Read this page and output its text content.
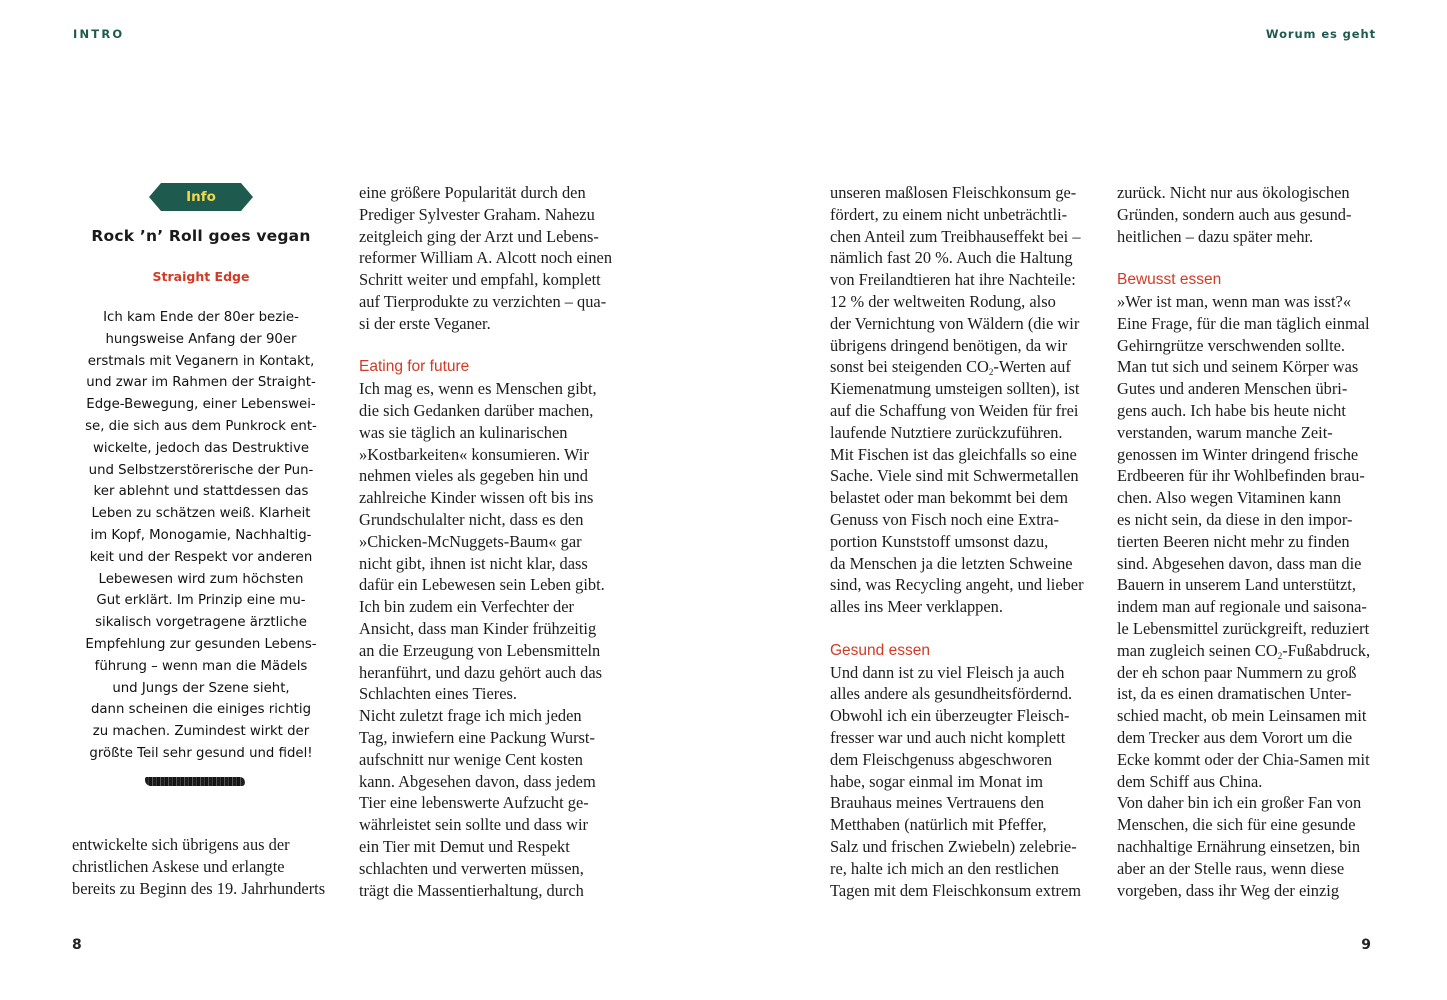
INTRO	Worum es geht
Info
Rock ’n’ Roll goes vegan
Straight Edge
Ich kam Ende der 80er bezie-
hungsweise Anfang der 90er
erstmals mit Veganern in Kontakt,
und zwar im Rahmen der Straight-
Edge-Bewegung, einer Lebenswei-
se, die sich aus dem Punkrock ent-
wickelte, jedoch das Destruktive
und Selbstzerstörerische der Pun-
ker ablehnt und stattdessen das
Leben zu schätzen weiß. Klarheit
im Kopf, Monogamie, Nachhaltig-
keit und der Respekt vor anderen
Lebewesen wird zum höchsten
Gut erklärt. Im Prinzip eine mu-
sikalisch vorgetragene ärztliche
Empfehlung zur gesunden Lebens-
führung – wenn man die Mädels
und Jungs der Szene sieht,
dann scheinen die einiges richtig
zu machen. Zumindest wirkt der
größte Teil sehr gesund und fidel!
entwickelte sich übrigens aus der
christlichen Askese und erlangte
bereits zu Beginn des 19. Jahrhunderts

eine größere Popularität durch den
Prediger Sylvester Graham. Nahezu
zeitgleich ging der Arzt und Lebens-
reformer William A. Alcott noch einen
Schritt weiter und empfahl, komplett
auf Tierprodukte zu verzichten – qua-
si der erste Veganer.

Eating for future

Ich mag es, wenn es Menschen gibt,
die sich Gedanken darüber machen,
was sie täglich an kulinarischen
»Kostbarkeiten« konsumieren. Wir
nehmen vieles als gegeben hin und
zahlreiche Kinder wissen oft bis ins
Grundschulalter nicht, dass es den
»Chicken-McNuggets-Baum« gar
nicht gibt, ihnen ist nicht klar, dass
dafür ein Lebewesen sein Leben gibt.
Ich bin zudem ein Verfechter der
Ansicht, dass man Kinder frühzeitig
an die Erzeugung von Lebensmitteln
heranführt, und dazu gehört auch das
Schlachten eines Tieres.
Nicht zuletzt frage ich mich jeden
Tag, inwiefern eine Packung Wurst-
aufschnitt nur wenige Cent kosten
kann. Abgesehen davon, dass jedem
Tier eine lebenswerte Aufzucht ge-
währleistet sein sollte und dass wir
ein Tier mit Demut und Respekt
schlachten und verwerten müssen,
trägt die Massentierhaltung, durch

unseren maßlosen Fleischkonsum ge-
fördert, zu einem nicht unbeträchtli-
chen Anteil zum Treibhauseffekt bei –
nämlich fast 20 %. Auch die Haltung
von Freilandtieren hat ihre Nachteile:
12 % der weltweiten Rodung, also
der Vernichtung von Wäldern (die wir
übrigens dringend benötigen, da wir
sonst bei steigenden $CO_2$-Werten auf
Kiemenatmung umsteigen sollten), ist
auf die Schaffung von Weiden für frei
laufende Nutztiere zurückzuführen.
Mit Fischen ist das gleichfalls so eine
Sache. Viele sind mit Schwermetallen
belastet oder man bekommt bei dem
Genuss von Fisch noch eine Extra-
portion Kunststoff umsonst dazu,
da Menschen ja die letzten Schweine
sind, was Recycling angeht, und lieber
alles ins Meer verklappen.

Gesund essen

Und dann ist zu viel Fleisch ja auch
alles andere als gesundheitsfördernd.
Obwohl ich ein überzeugter Fleisch-
fresser war und auch nicht komplett
dem Fleischgenuss abgeschworen
habe, sogar einmal im Monat im
Brauhaus meines Vertrauens den
Metthaben (natürlich mit Pfeffer,
Salz und frischen Zwiebeln) zelebrie-
re, halte ich mich an den restlichen
Tagen mit dem Fleischkonsum extrem

zurück. Nicht nur aus ökologischen
Gründen, sondern auch aus gesund-
heitlichen – dazu später mehr.

Bewusst essen

»Wer ist man, wenn man was isst?«
Eine Frage, für die man täglich einmal
Gehirngrütze verschwenden sollte.
Man tut sich und seinem Körper was
Gutes und anderen Menschen übri-
gens auch. Ich habe bis heute nicht
verstanden, warum manche Zeit-
genossen im Winter dringend frische
Erdbeeren für ihr Wohlbefinden brau-
chen. Also wegen Vitaminen kann
es nicht sein, da diese in den impor-
tierten Beeren nicht mehr zu finden
sind. Abgesehen davon, dass man die
Bauern in unserem Land unterstützt,
indem man auf regionale und saisona-
le Lebensmittel zurückgreift, reduziert
man zugleich seinen $CO_2$-Fußabdruck,
der eh schon paar Nummern zu groß
ist, da es einen dramatischen Unter-
schied macht, ob mein Leinsamen mit
dem Trecker aus dem Vorort um die
Ecke kommt oder der Chia-Samen mit
dem Schiff aus China.
Von daher bin ich ein großer Fan von
Menschen, die sich für eine gesunde
nachhaltige Ernährung einsetzen, bin
aber an der Stelle raus, wenn diese
vorgeben, dass ihr Weg der einzig

8	9
